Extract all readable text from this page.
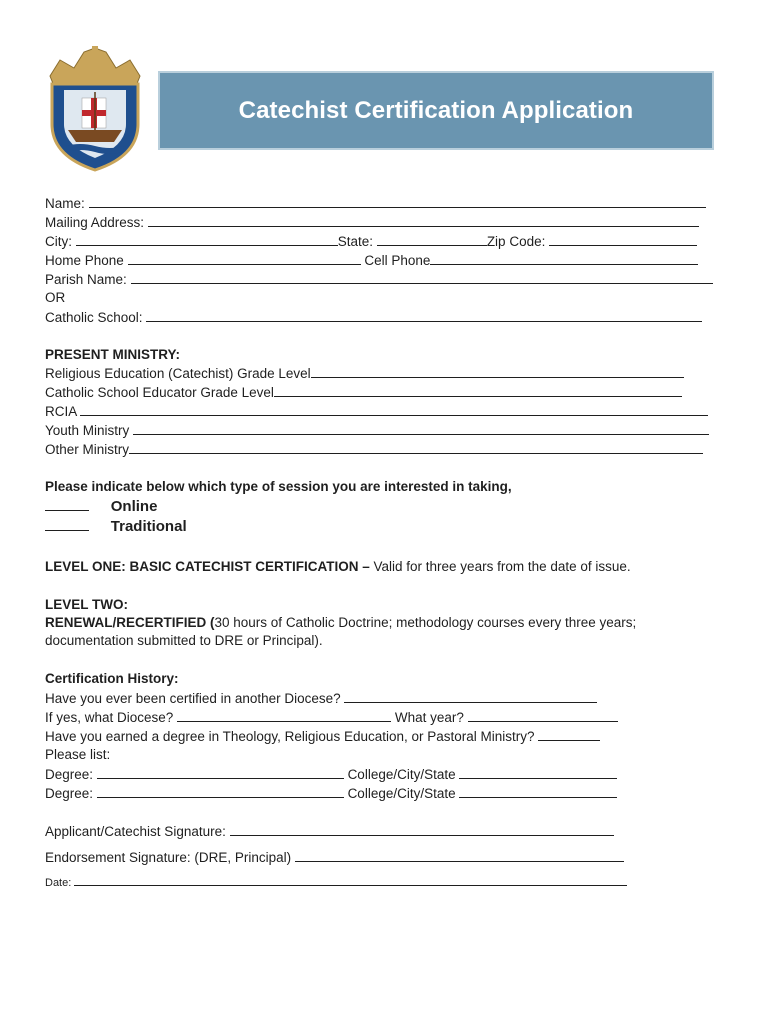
Catechist Certification Application
Name:
Mailing Address:
City:	State:	Zip Code:
Home Phone	Cell Phone
Parish Name:
OR
Catholic School:
PRESENT MINISTRY:
Religious Education (Catechist) Grade Level
Catholic School Educator Grade Level
RCIA
Youth Ministry
Other Ministry
Please indicate below which type of session you are interested in taking,
Online
Traditional
LEVEL ONE: BASIC CATECHIST CERTIFICATION – Valid for three years from the date of issue.
LEVEL TWO:
RENEWAL/RECERTIFIED (30 hours of Catholic Doctrine; methodology courses every three years;
documentation submitted to DRE or Principal).
Certification History:
Have you ever been certified in another Diocese?
If yes, what Diocese?	What year?
Have you earned a degree in Theology, Religious Education, or Pastoral Ministry?
Please list:
Degree:	College/City/State
Degree:	College/City/State
Applicant/Catechist Signature:
Endorsement Signature: (DRE, Principal)
Date:
